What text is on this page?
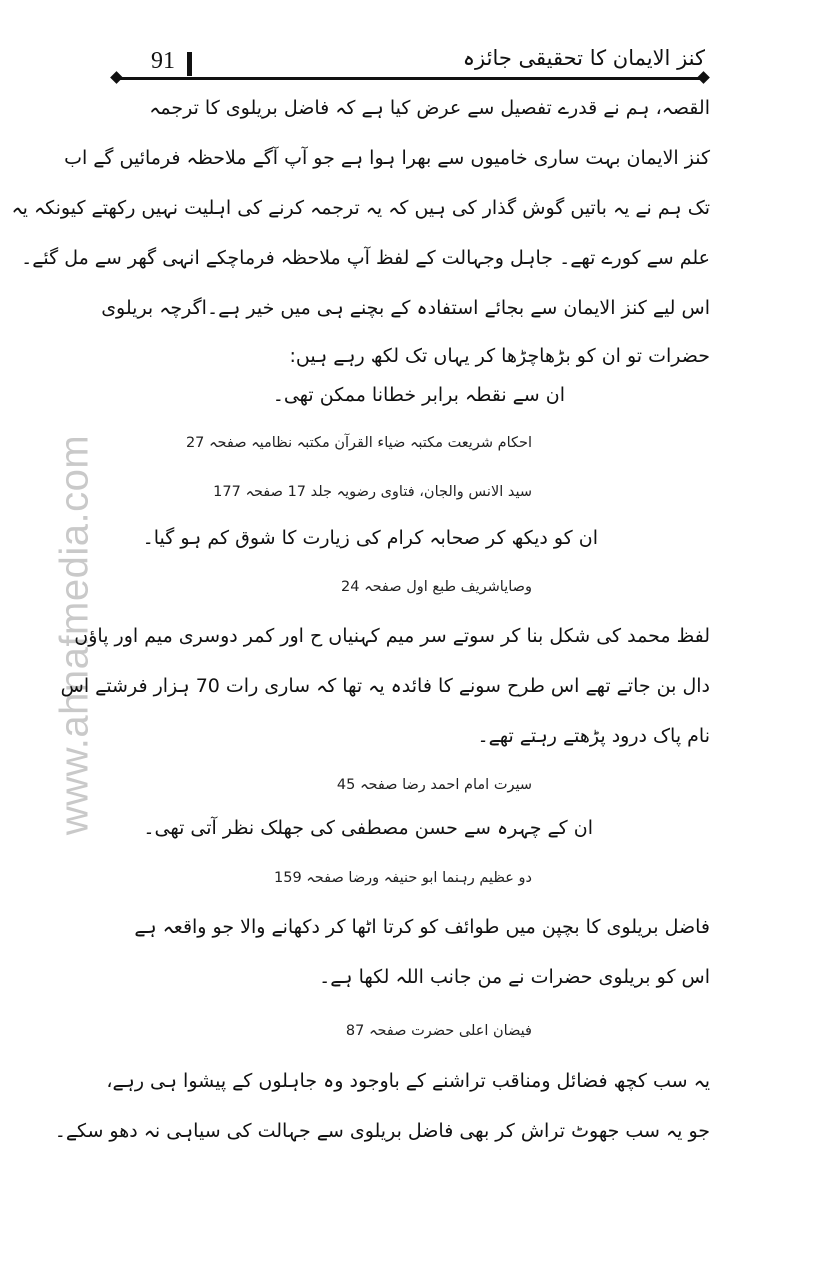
91	کنز الایمان کا تحقیقی جائزہ
www.ahnafmedia.com
القصہ، ہم نے قدرے تفصیل سے عرض کیا ہے کہ فاضل بریلوی کا ترجمہ
کنز الایمان بہت ساری خامیوں سے بھرا ہوا ہے جو آپ آگے ملاحظہ فرمائیں گے اب
تک ہم نے یہ باتیں گوش گذار کی ہیں کہ یہ ترجمہ کرنے کی اہلیت نہیں رکھتے کیونکہ یہ
علم سے کورے تھے۔ جاہل وجہالت کے لفظ آپ ملاحظہ فرماچکے انہی گھر سے مل گئے۔
اس لیے کنز الایمان سے بجائے استفادہ کے بچنے ہی میں خیر ہے۔اگرچہ بریلوی
حضرات تو ان کو بڑھاچڑھا کر یہاں تک لکھ رہے ہیں:
ان سے نقطہ برابر خطانا ممکن تھی۔
احکام شریعت مکتبہ ضیاء القرآن مکتبہ نظامیہ صفحہ 27
سید الانس والجان، فتاوی رضویہ جلد 17 صفحہ 177
ان کو دیکھ کر صحابہ کرام کی زیارت کا شوق کم ہو گیا۔
وصایاشریف طبع اول صفحہ 24
لفظ محمد کی شکل بنا کر سوتے سر میم کہنیاں ح اور کمر دوسری میم اور پاؤں
دال بن جاتے تھے اس طرح سونے کا فائدہ یہ تھا کہ ساری رات 70 ہزار فرشتے اس
نام پاک درود پڑھتے رہتے تھے۔
سیرت امام احمد رضا صفحہ 45
ان کے چہرہ سے حسن مصطفی کی جھلک نظر آتی تھی۔
دو عظیم رہنما ابو حنیفہ ورضا صفحہ 159
فاضل بریلوی کا بچپن میں طوائف کو کرتا اٹھا کر دکھانے والا جو واقعہ ہے
اس کو بریلوی حضرات نے من جانب اللہ لکھا ہے۔
فیضان اعلی حضرت صفحہ 87
یہ سب کچھ فضائل ومناقب تراشنے کے باوجود وہ جاہلوں کے پیشوا ہی رہے،
جو یہ سب جھوٹ تراش کر بھی فاضل بریلوی سے جہالت کی سیاہی نہ دھو سکے۔
